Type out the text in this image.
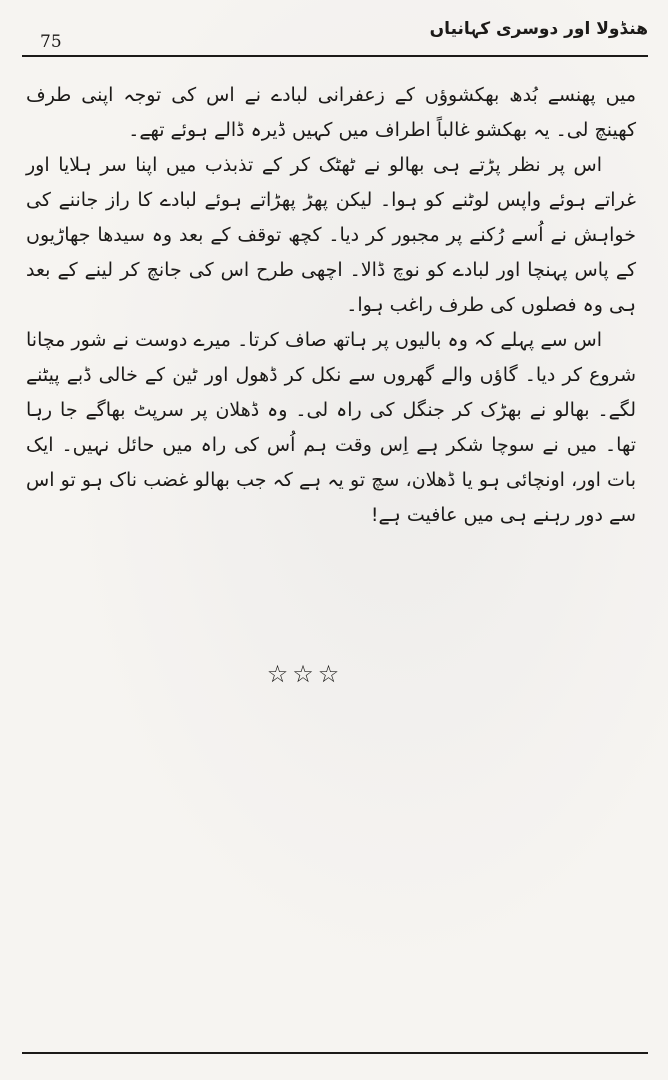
75
ھنڈولا اور دوسری کہانیاں

میں پھنسے بُدھ بھکشوؤں کے زعفرانی لبادے نے اس کی توجہ اپنی طرف کھینچ لی۔ یہ بھکشو غالباً اطراف میں کہیں ڈیرہ ڈالے ہوئے تھے۔

اس پر نظر پڑتے ہی بھالو نے ٹھٹک کر کے تذبذب میں اپنا سر ہلایا اور غراتے ہوئے واپس لوٹنے کو ہوا۔ لیکن پھڑ پھڑاتے ہوئے لبادے کا راز جاننے کی خواہش نے اُسے رُکنے پر مجبور کر دیا۔ کچھ توقف کے بعد وہ سیدھا جھاڑیوں کے پاس پہنچا اور لبادے کو نوچ ڈالا۔ اچھی طرح اس کی جانچ کر لینے کے بعد ہی وہ فصلوں کی طرف راغب ہوا۔

اس سے پہلے کہ وہ بالیوں پر ہاتھ صاف کرتا۔ میرے دوست نے شور مچانا شروع کر دیا۔ گاؤں والے گھروں سے نکل کر ڈھول اور ٹین کے خالی ڈبے پیٹنے لگے۔ بھالو نے بھڑک کر جنگل کی راہ لی۔ وہ ڈھلان پر سرپٹ بھاگے جا رہا تھا۔ میں نے سوچا شکر ہے اِس وقت ہم اُس کی راہ میں حائل نہیں۔ ایک بات اور، اونچائی ہو یا ڈھلان، سچ تو یہ ہے کہ جب بھالو غضب ناک ہو تو اس سے دور رہنے ہی میں عافیت ہے!

☆☆☆
